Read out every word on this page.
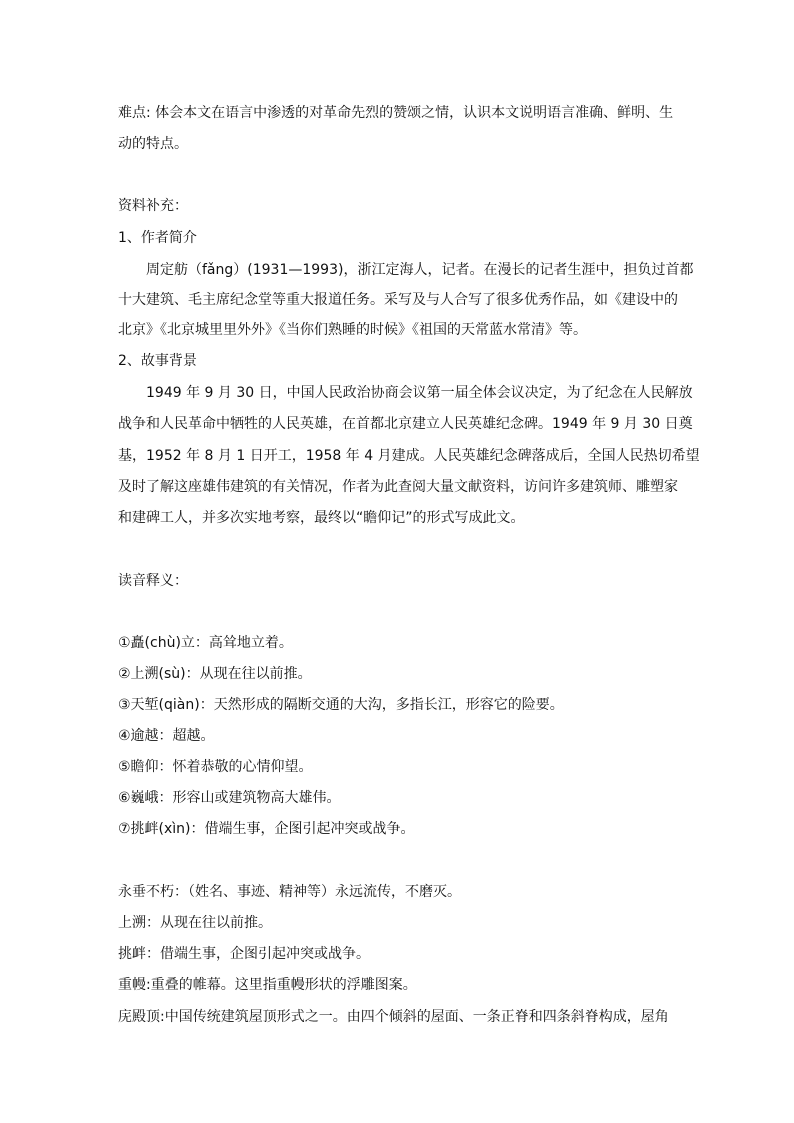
难点: 体会本文在语言中渗透的对革命先烈的赞颂之情，认识本文说明语言准确、鲜明、生
动的特点。
资料补充：
1、作者简介
周定舫（fǎng）(1931—1993)，浙江定海人，记者。在漫长的记者生涯中，担负过首都
十大建筑、毛主席纪念堂等重大报道任务。采写及与人合写了很多优秀作品，如《建设中的
北京》《北京城里里外外》《当你们熟睡的时候》《祖国的天常蓝水常清》等。
2、故事背景
1949 年 9 月 30 日，中国人民政治协商会议第一届全体会议决定，为了纪念在人民解放
战争和人民革命中牺牲的人民英雄，在首都北京建立人民英雄纪念碑。1949 年 9 月 30 日奠
基，1952 年 8 月 1 日开工，1958 年 4 月建成。人民英雄纪念碑落成后，全国人民热切希望
及时了解这座雄伟建筑的有关情况，作者为此查阅大量文献资料，访问许多建筑师、雕塑家
和建碑工人，并多次实地考察，最终以“瞻仰记”的形式写成此文。
读音释义：
①矗(chù)立：高耸地立着。
②上溯(sù)：从现在往以前推。
③天堑(qiàn)：天然形成的隔断交通的大沟，多指长江，形容它的险要。
④逾越：超越。
⑤瞻仰：怀着恭敬的心情仰望。
⑥巍峨：形容山或建筑物高大雄伟。
⑦挑衅(xìn)：借端生事，企图引起冲突或战争。
永垂不朽：（姓名、事迹、精神等）永远流传，不磨灭。
上溯：从现在往以前推。
挑衅：借端生事，企图引起冲突或战争。
重幔:重叠的帷幕。这里指重幔形状的浮雕图案。
庑殿顶:中国传统建筑屋顶形式之一。由四个倾斜的屋面、一条正脊和四条斜脊构成，屋角
